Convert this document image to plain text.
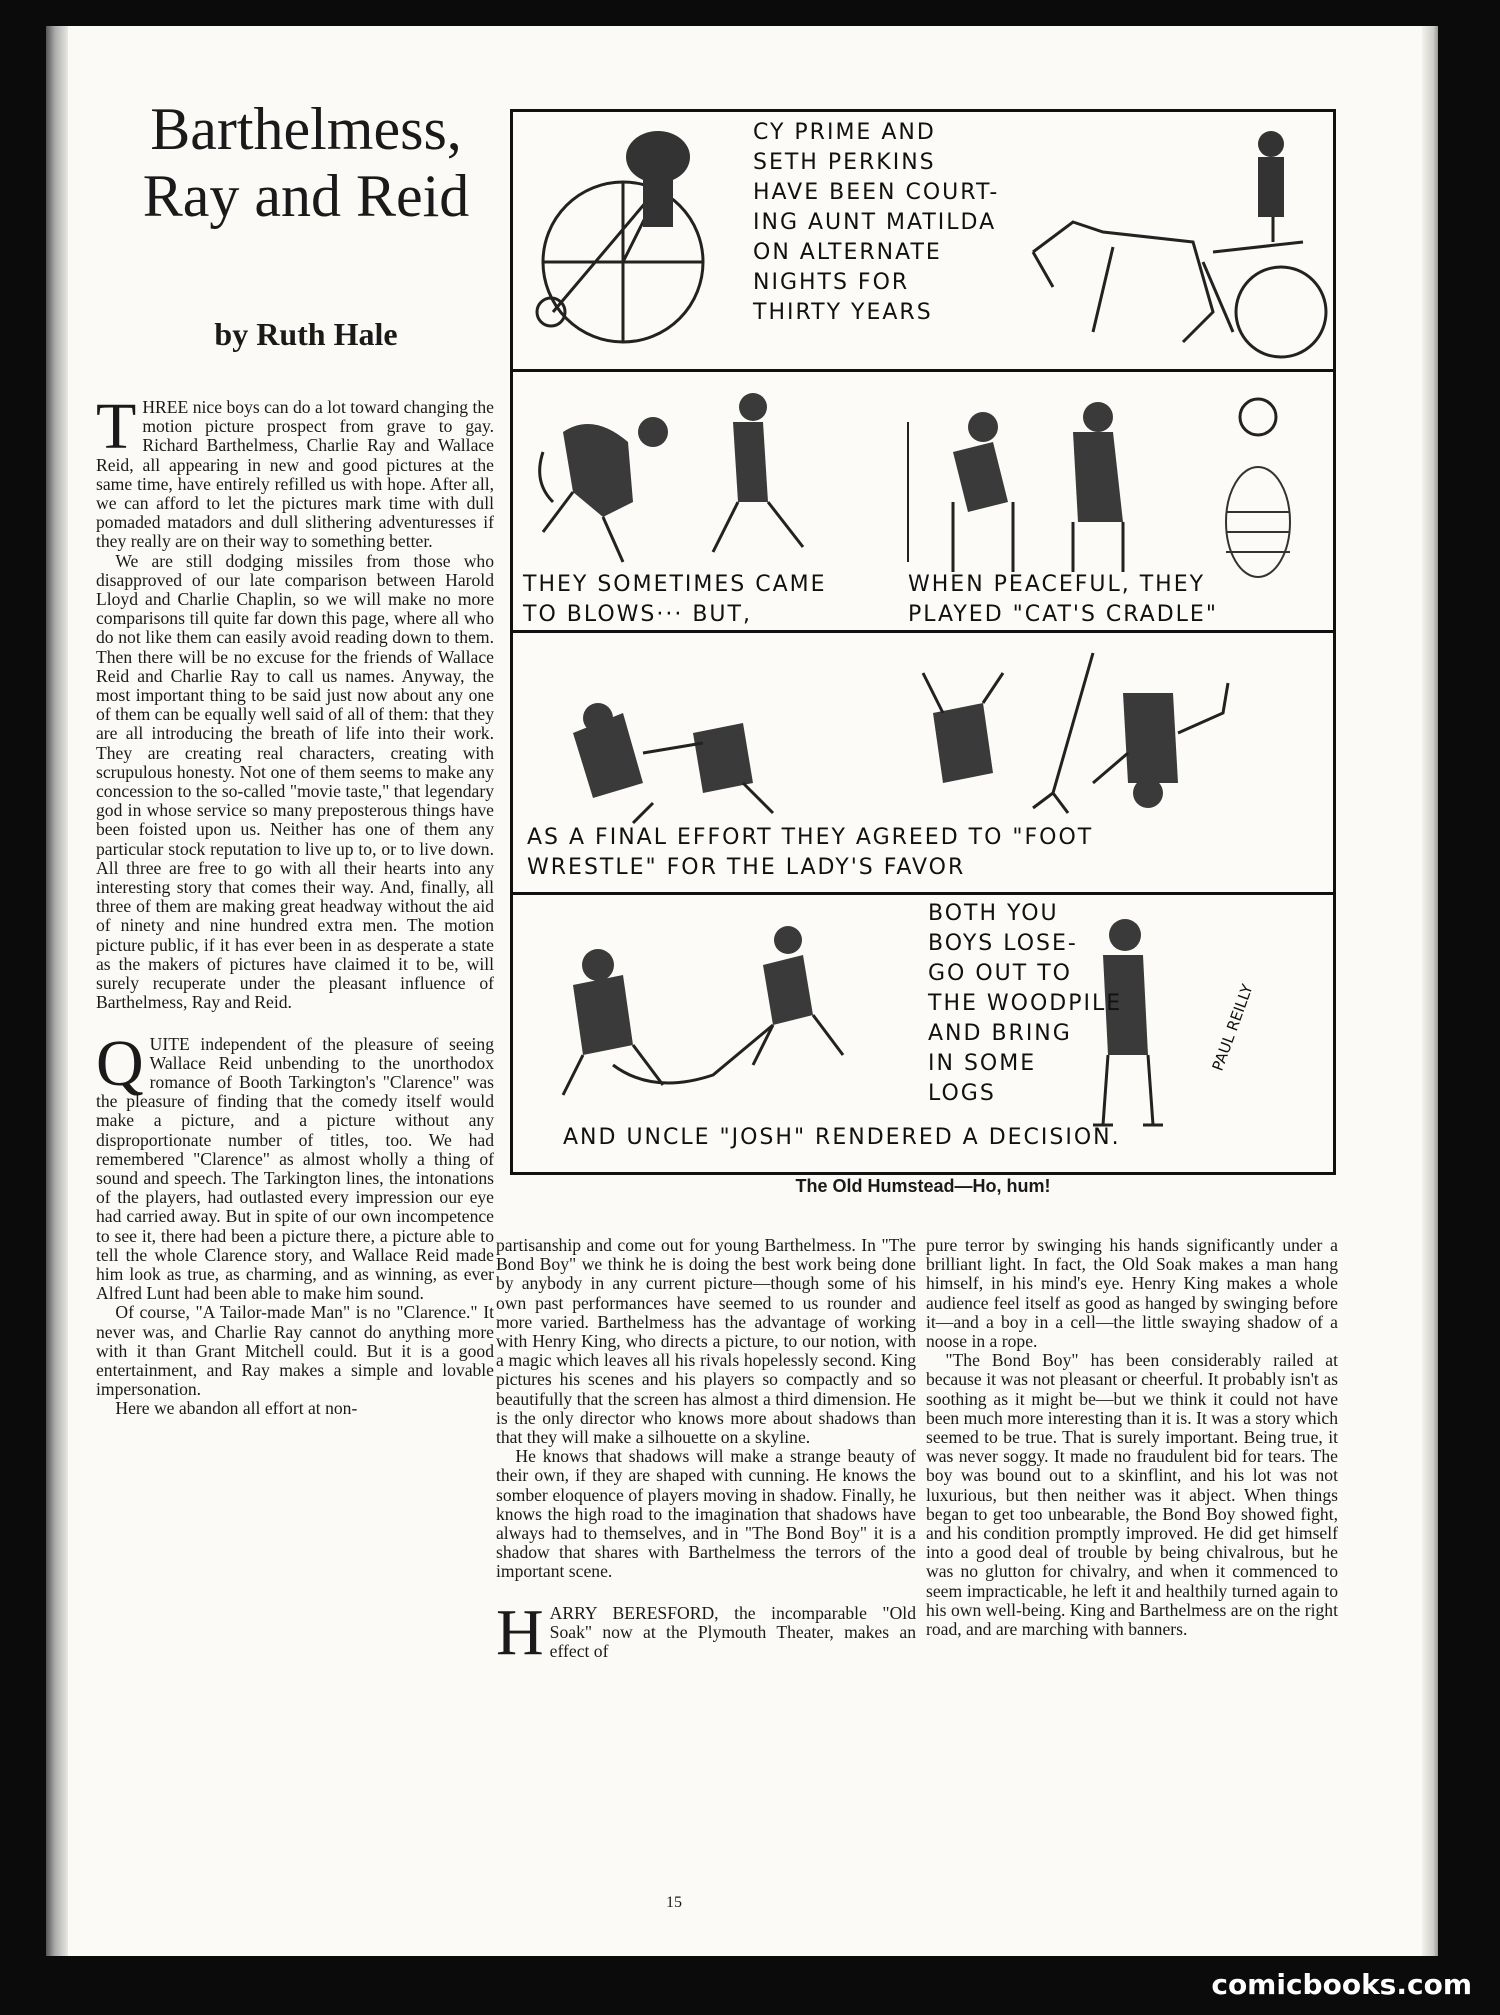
Barthelmess, Ray and Reid
by Ruth Hale

THREE nice boys can do a lot toward changing the motion picture prospect from grave to gay. Richard Barthelmess, Charlie Ray and Wallace Reid, all appearing in new and good pictures at the same time, have entirely refilled us with hope. After all, we can afford to let the pictures mark time with dull pomaded matadors and dull slithering adventuresses if they really are on their way to something better.

We are still dodging missiles from those who disapproved of our late comparison between Harold Lloyd and Charlie Chaplin, so we will make no more comparisons till quite far down this page, where all who do not like them can easily avoid reading down to them. Then there will be no excuse for the friends of Wallace Reid and Charlie Ray to call us names. Anyway, the most important thing to be said just now about any one of them can be equally well said of all of them: that they are all introducing the breath of life into their work. They are creating real characters, creating with scrupulous honesty. Not one of them seems to make any concession to the so-called "movie taste," that legendary god in whose service so many preposterous things have been foisted upon us. Neither has one of them any particular stock reputation to live up to, or to live down. All three are free to go with all their hearts into any interesting story that comes their way. And, finally, all three of them are making great headway without the aid of ninety and nine hundred extra men. The motion picture public, if it has ever been in as desperate a state as the makers of pictures have claimed it to be, will surely recuperate under the pleasant influence of Barthelmess, Ray and Reid.

QUITE independent of the pleasure of seeing Wallace Reid unbending to the unorthodox romance of Booth Tarkington's "Clarence" was the pleasure of finding that the comedy itself would make a picture, and a picture without any disproportionate number of titles, too. We had remembered "Clarence" as almost wholly a thing of sound and speech. The Tarkington lines, the intonations of the players, had outlasted every impression our eye had carried away. But in spite of our own incompetence to see it, there had been a picture there, a picture able to tell the whole Clarence story, and Wallace Reid made him look as true, as charming, and as winning, as ever Alfred Lunt had been able to make him sound.

Of course, "A Tailor-made Man" is no "Clarence." It never was, and Charlie Ray cannot do anything more with it than Grant Mitchell could. But it is a good entertainment, and Ray makes a simple and lovable impersonation.

Here we abandon all effort at non-

partisanship and come out for young Barthelmess. In "The Bond Boy" we think he is doing the best work being done by anybody in any current picture—though some of his own past performances have seemed to us rounder and more varied. Barthelmess has the advantage of working with Henry King, who directs a picture, to our notion, with a magic which leaves all his rivals hopelessly second. King pictures his scenes and his players so compactly and so beautifully that the screen has almost a third dimension. He is the only director who knows more about shadows than that they will make a silhouette on a skyline.

He knows that shadows will make a strange beauty of their own, if they are shaped with cunning. He knows the somber eloquence of players moving in shadow. Finally, he knows the high road to the imagination that shadows have always had to themselves, and in "The Bond Boy" it is a shadow that shares with Barthelmess the terrors of the important scene.

HARRY BERESFORD, the incomparable "Old Soak" now at the Plymouth Theater, makes an effect of

pure terror by swinging his hands significantly under a brilliant light. In fact, the Old Soak makes a man hang himself, in his mind's eye. Henry King makes a whole audience feel itself as good as hanged by swinging before it—and a boy in a cell—the little swaying shadow of a noose in a rope.

"The Bond Boy" has been considerably railed at because it was not pleasant or cheerful. It probably isn't as soothing as it might be—but we think it could not have been much more interesting than it is. It was a story which seemed to be true. That is surely important. Being true, it was never soggy. It made no fraudulent bid for tears. The boy was bound out to a skinflint, and his lot was not luxurious, but then neither was it abject. When things began to get too unbearable, the Bond Boy showed fight, and his condition promptly improved. He did get himself into a good deal of trouble by being chivalrous, but he was no glutton for chivalry, and when it commenced to seem impracticable, he left it and healthily turned again to his own well-being. King and Barthelmess are on the right road, and are marching with banners.

CY PRIME AND
SETH PERKINS
HAVE BEEN COURT-
ING AUNT MATILDA
ON ALTERNATE
NIGHTS FOR
THIRTY YEARS
THEY SOMETIMES CAME
TO BLOWS··· BUT,
WHEN PEACEFUL, THEY
PLAYED "CAT'S CRADLE"
AS A FINAL EFFORT THEY AGREED TO "FOOT
WRESTLE" FOR THE LADY'S FAVOR
BOTH YOU
BOYS LOSE-
GO OUT TO
THE WOODPILE
AND BRING
IN SOME
LOGS
AND UNCLE "JOSH" RENDERED A DECISION.
PAUL REILLY
The Old Humstead—Ho, hum!
15
comicbooks.com
